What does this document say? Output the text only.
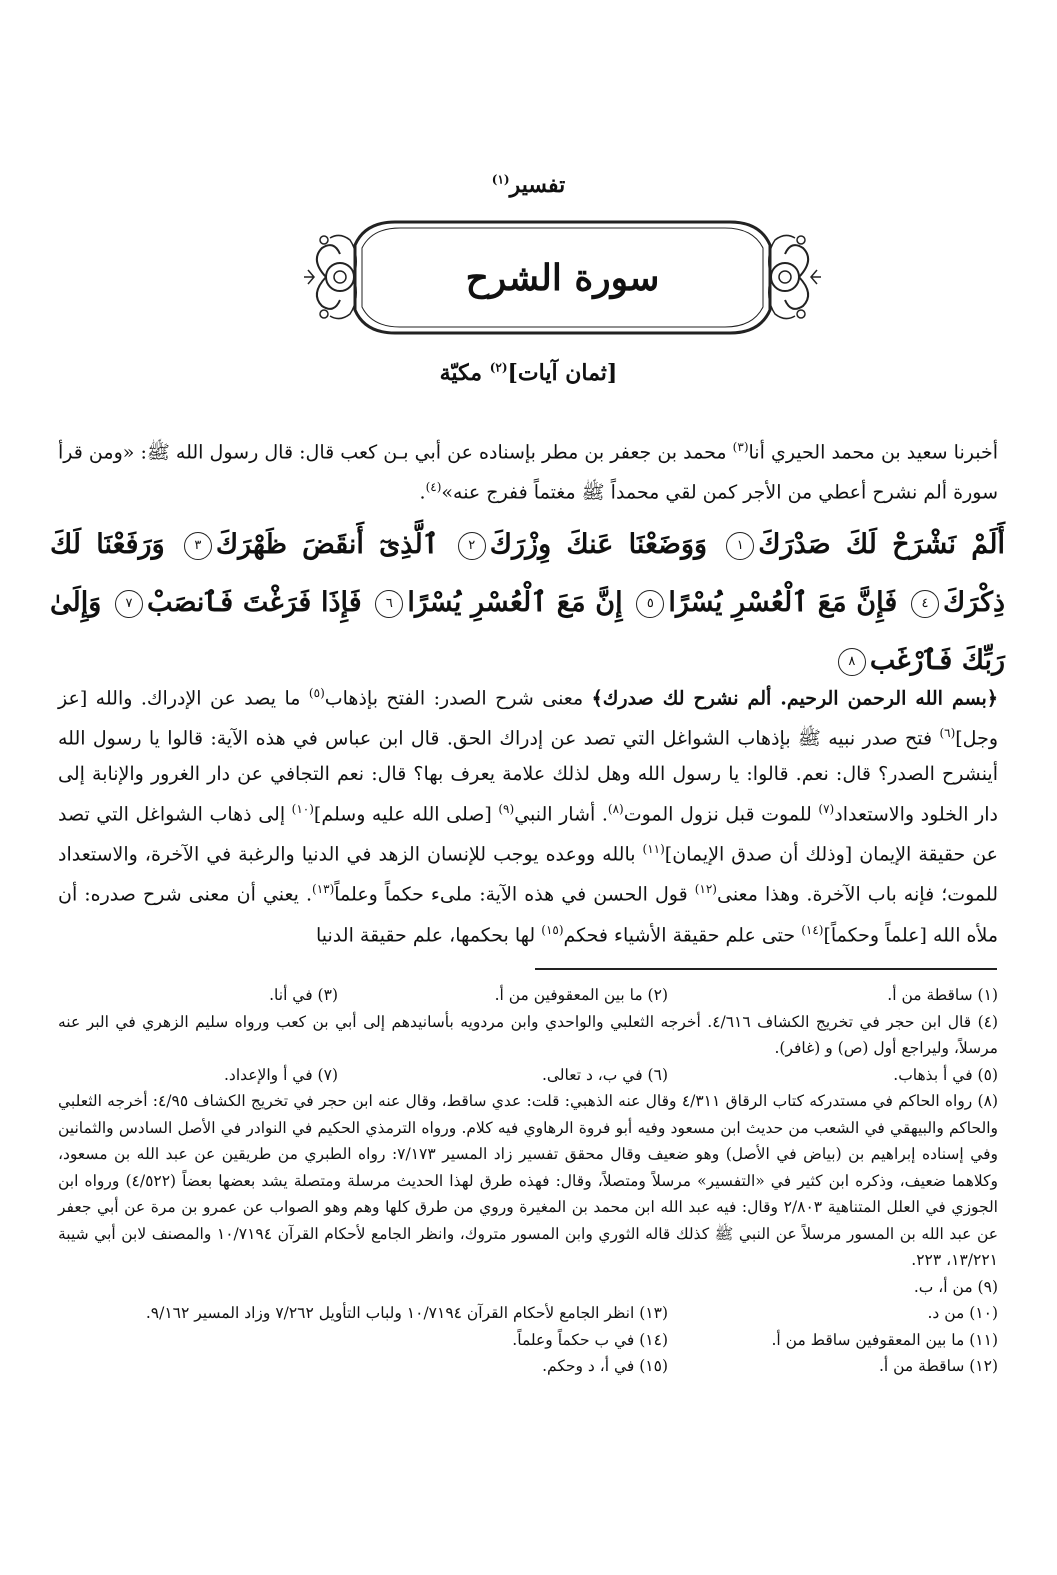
تفسير$^{(١)}$
سورة الشرح
[ثمان آيات]$^{(٢)}$ مكيّة
أخبرنا سعيد بن محمد الحيري أنا$^{(٣)}$ محمد بن جعفر بن مطر بإسناده عن أبي بـن كعب قال: قال رسول الله ﷺ: «ومن قرأ سورة ألم نشرح أعطي من الأجر كمن لقي محمداً ﷺ مغتماً ففرج عنه»$^{(٤)}$.
أَلَمْ نَشْرَحْ لَكَ صَدْرَكَ١ وَوَضَعْنَا عَنكَ وِزْرَكَ٢ ٱلَّذِىٓ أَنقَضَ ظَهْرَكَ٣ وَرَفَعْنَا لَكَ ذِكْرَكَ٤ فَإِنَّ مَعَ ٱلْعُسْرِ يُسْرًا٥ إِنَّ مَعَ ٱلْعُسْرِ يُسْرًا٦ فَإِذَا فَرَغْتَ فَٱنصَبْ٧ وَإِلَىٰ رَبِّكَ فَٱرْغَب٨
﴿بسم الله الرحمن الرحيم. ألم نشرح لك صدرك﴾ معنى شرح الصدر: الفتح بإذهاب$^{(٥)}$ ما يصد عن الإدراك. والله [عز وجل]$^{(٦)}$ فتح صدر نبيه ﷺ بإذهاب الشواغل التي تصد عن إدراك الحق. قال ابن عباس في هذه الآية: قالوا يا رسول الله أينشرح الصدر؟ قال: نعم. قالوا: يا رسول الله وهل لذلك علامة يعرف بها؟ قال: نعم التجافي عن دار الغرور والإنابة إلى دار الخلود والاستعداد$^{(٧)}$ للموت قبل نزول الموت$^{(٨)}$. أشار النبي$^{(٩)}$ [صلى الله عليه وسلم]$^{(١٠)}$ إلى ذهاب الشواغل التي تصد عن حقيقة الإيمان [وذلك أن صدق الإيمان]$^{(١١)}$ بالله ووعده يوجب للإنسان الزهد في الدنيا والرغبة في الآخرة، والاستعداد للموت؛ فإنه باب الآخرة. وهذا معنى$^{(١٢)}$ قول الحسن في هذه الآية: ملىء حكماً وعلماً$^{(١٣)}$. يعني أن معنى شرح صدره: أن ملأه الله [علماً وحكماً]$^{(١٤)}$ حتى علم حقيقة الأشياء فحكم$^{(١٥)}$ لها بحكمها، علم حقيقة الدنيا
(١) ساقطة من أ.
(٢) ما بين المعقوفين من أ.
(٣) في أنا.
(٤) قال ابن حجر في تخريج الكشاف ٤/٦١٦. أخرجه الثعلبي والواحدي وابن مردويه بأسانيدهم إلى أبي بن كعب ورواه سليم الزهري في البر عنه مرسلاً، وليراجع أول (ص) و (غافر).
(٥) في أ بذهاب.
(٦) في ب، د تعالى.
(٧) في أ والإعداد.
(٨) رواه الحاكم في مستدركه كتاب الرقاق ٤/٣١١ وقال عنه الذهبي: قلت: عدي ساقط، وقال عنه ابن حجر في تخريج الكشاف ٤/٩٥: أخرجه الثعلبي والحاكم والبيهقي في الشعب من حديث ابن مسعود وفيه أبو فروة الرهاوي فيه كلام. ورواه الترمذي الحكيم في النوادر في الأصل السادس والثمانين وفي إسناده إبراهيم بن (بياض في الأصل) وهو ضعيف وقال محقق تفسير زاد المسير ٧/١٧٣: رواه الطبري من طريقين عن عبد الله بن مسعود، وكلاهما ضعيف، وذكره ابن كثير في «التفسير» مرسلاً ومتصلاً، وقال: فهذه طرق لهذا الحديث مرسلة ومتصلة يشد بعضها بعضاً (٤/٥٢٢) ورواه ابن الجوزي في العلل المتناهية ٢/٨٠٣ وقال: فيه عبد الله ابن محمد بن المغيرة وروي من طرق كلها وهم وهو الصواب عن عمرو بن مرة عن أبي جعفر عن عبد الله بن المسور مرسلاً عن النبي ﷺ كذلك قاله الثوري وابن المسور متروك، وانظر الجامع لأحكام القرآن ١٠/٧١٩٤ والمصنف لابن أبي شيبة ١٣/٢٢١، ٢٢٣.
(٩) من أ، ب.
(١٠) من د.
(١٣) انظر الجامع لأحكام القرآن ١٠/٧١٩٤ ولباب التأويل ٧/٢٦٢ وزاد المسير ٩/١٦٢.
(١١) ما بين المعقوفين ساقط من أ.
(١٤) في ب حكماً وعلماً.
(١٢) ساقطة من أ.
(١٥) في أ، د وحكم.
